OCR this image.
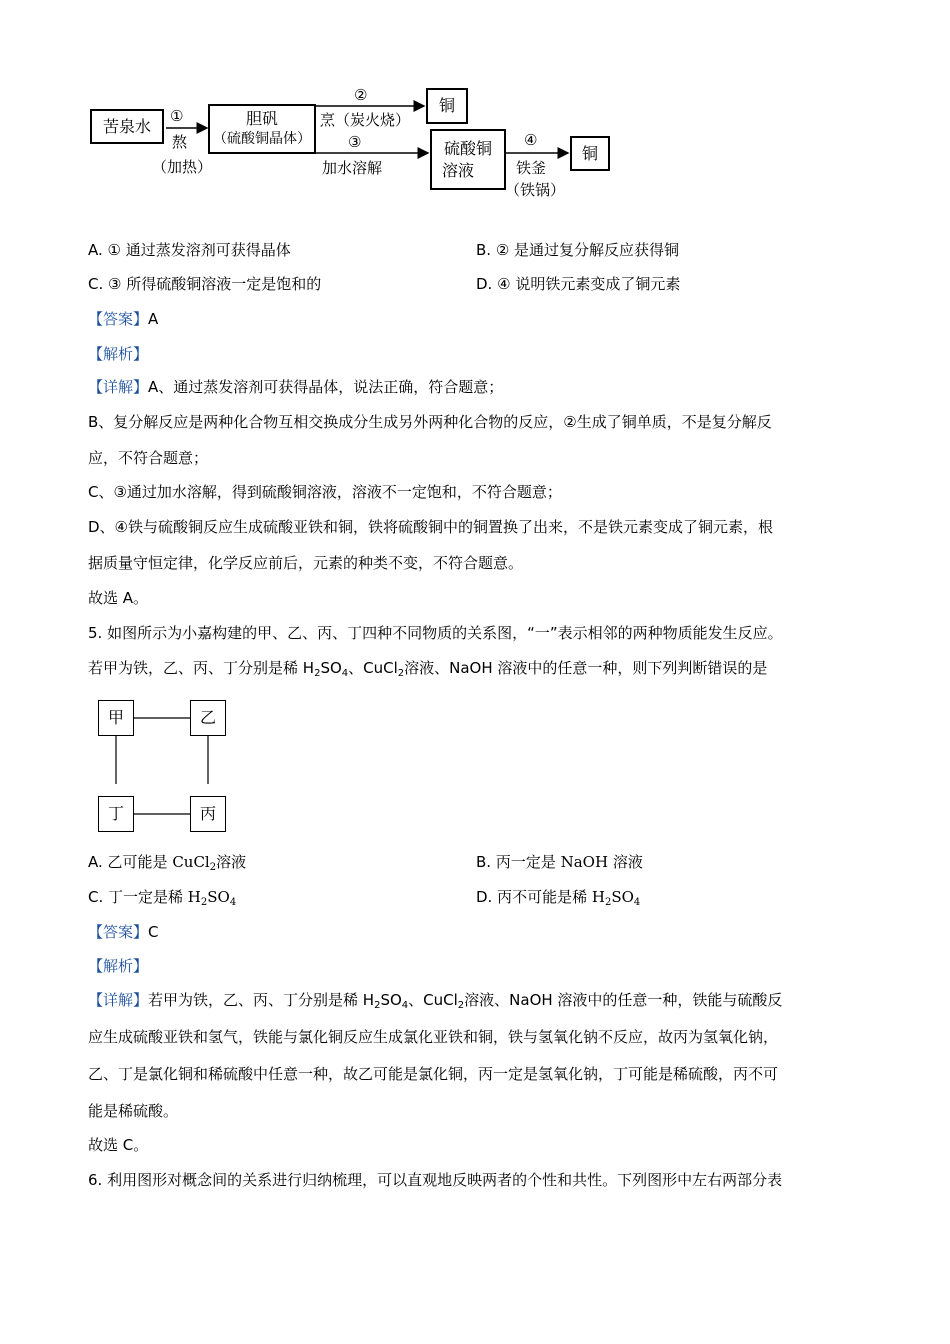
苦泉水
①
熬
（加热）
胆矾
（硫酸铜晶体）
②
烹（炭火烧）
铜
③
加水溶解
硫酸铜
溶液
④
铁釜
（铁锅）
铜
A. ① 通过蒸发溶剂可获得晶体	B. ② 是通过复分解反应获得铜
C. ③ 所得硫酸铜溶液一定是饱和的	D. ④ 说明铁元素变成了铜元素
【答案】A
【解析】
【详解】A、通过蒸发溶剂可获得晶体，说法正确，符合题意；
B、复分解反应是两种化合物互相交换成分生成另外两种化合物的反应，②生成了铜单质，不是复分解反
应，不符合题意；
C、③通过加水溶解，得到硫酸铜溶液，溶液不一定饱和，不符合题意；
D、④铁与硫酸铜反应生成硫酸亚铁和铜，铁将硫酸铜中的铜置换了出来，不是铁元素变成了铜元素，根
据质量守恒定律，化学反应前后，元素的种类不变，不符合题意。
故选 A。
5. 如图所示为小嘉构建的甲、乙、丙、丁四种不同物质的关系图，“一”表示相邻的两种物质能发生反应。
若甲为铁，乙、丙、丁分别是稀 $H_2SO_4$、CuCl$_2$溶液、NaOH 溶液中的任意一种，则下列判断错误的是
甲	乙
丁	丙
A. 乙可能是 CuCl$_2$溶液	B. 丙一定是 NaOH 溶液
C. 丁一定是稀 $H_2SO_4$	D. 丙不可能是稀 $H_2SO_4$
【答案】C
【解析】
【详解】若甲为铁，乙、丙、丁分别是稀 $H_2SO_4$、CuCl$_2$溶液、NaOH 溶液中的任意一种，铁能与硫酸反
应生成硫酸亚铁和氢气，铁能与氯化铜反应生成氯化亚铁和铜，铁与氢氧化钠不反应，故丙为氢氧化钠，
乙、丁是氯化铜和稀硫酸中任意一种，故乙可能是氯化铜，丙一定是氢氧化钠，丁可能是稀硫酸，丙不可
能是稀硫酸。
故选 C。
6. 利用图形对概念间的关系进行归纳梳理，可以直观地反映两者的个性和共性。下列图形中左右两部分表
